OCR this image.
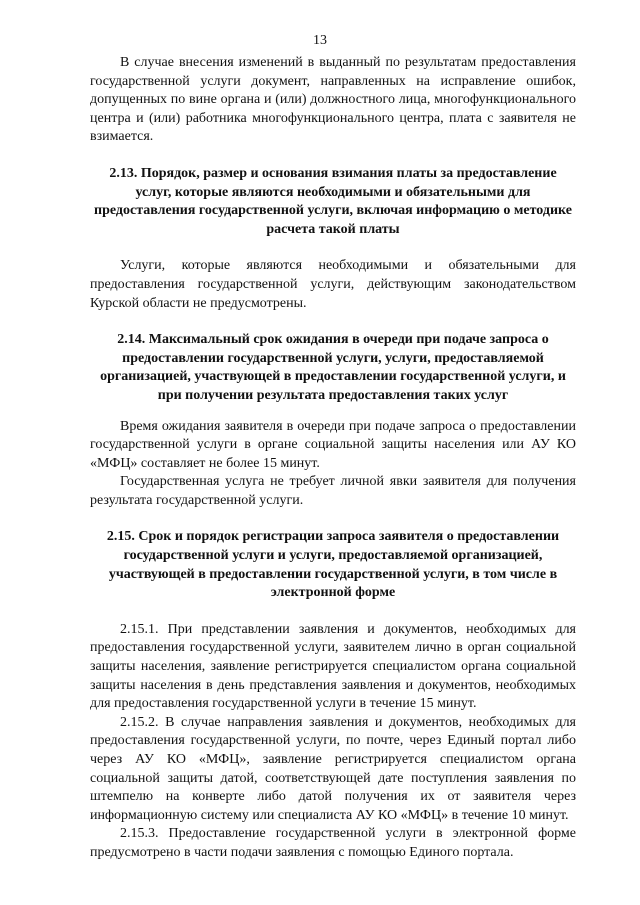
13

В случае внесения изменений в выданный по результатам предоставления государственной услуги документ, направленных на исправление ошибок, допущенных по вине органа и (или) должностного лица, многофункционального центра и (или) работника многофункционального центра, плата с заявителя не взимается.

2.13. Порядок, размер и основания взимания платы за предоставление услуг, которые являются необходимыми и обязательными для предоставления государственной услуги, включая информацию о методике расчета такой платы

Услуги, которые являются необходимыми и обязательными для предоставления государственной услуги, действующим законодательством Курской области не предусмотрены.

2.14. Максимальный срок ожидания в очереди при подаче запроса о предоставлении государственной услуги, услуги, предоставляемой организацией, участвующей в предоставлении государственной услуги, и при получении результата предоставления таких услуг

Время ожидания заявителя в очереди при подаче запроса о предоставлении государственной услуги в органе социальной защиты населения или АУ КО «МФЦ» составляет не более 15 минут.

Государственная услуга не требует личной явки заявителя для получения результата государственной услуги.

2.15. Срок и порядок регистрации запроса заявителя о предоставлении государственной услуги и услуги, предоставляемой организацией, участвующей в предоставлении государственной услуги, в том числе в электронной форме

2.15.1. При представлении заявления и документов, необходимых для предоставления государственной услуги, заявителем лично в орган социальной защиты населения, заявление регистрируется специалистом органа социальной защиты населения в день представления заявления и документов, необходимых для предоставления государственной услуги в течение 15 минут.

2.15.2. В случае направления заявления и документов, необходимых для предоставления государственной услуги, по почте, через Единый портал либо через АУ КО «МФЦ», заявление регистрируется специалистом органа социальной защиты датой, соответствующей дате поступления заявления по штемпелю на конверте либо датой получения их от заявителя через информационную систему или специалиста АУ КО «МФЦ» в течение 10 минут.

2.15.3. Предоставление государственной услуги в электронной форме предусмотрено в части подачи заявления с помощью Единого портала.
